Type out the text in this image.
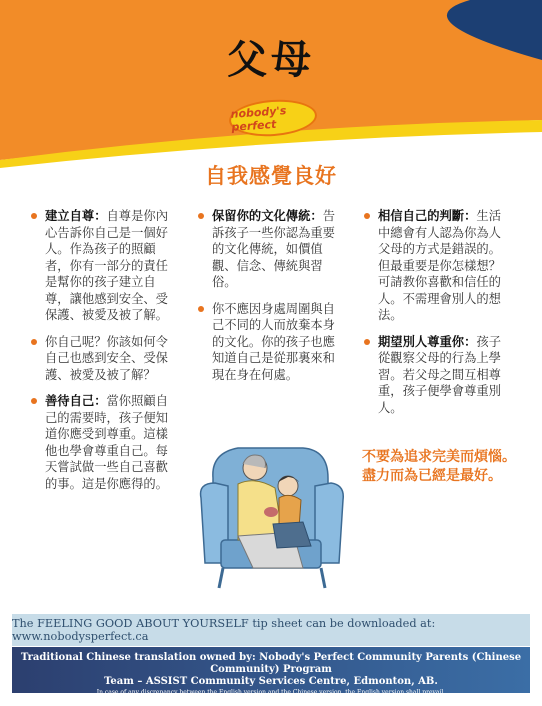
父母
nobody's perfect
自我感覺良好
建立自尊：自尊是你內心告訴你自己是一個好人。作為孩子的照顧者，你有一部分的責任是幫你的孩子建立自尊，讓他感到安全、受保護、被愛及被了解。
你自己呢？你該如何令自己也感到安全、受保護、被愛及被了解？
善待自己：當你照顧自己的需要時，孩子便知道你應受到尊重。這樣他也學會尊重自己。每天嘗試做一些自己喜歡的事。這是你應得的。
保留你的文化傳統：告訴孩子一些你認為重要的文化傳統，如價值觀、信念、傳統與習俗。
你不應因身處周圍與自己不同的人而放棄本身的文化。你的孩子也應知道自己是從那裏來和現在身在何處。
相信自己的判斷：生活中總會有人認為你為人父母的方式是錯誤的。但最重要是你怎樣想？可請教你喜歡和信任的人。不需理會別人的想法。
期望別人尊重你：孩子從觀察父母的行為上學習。若父母之間互相尊重，孩子便學會尊重別人。
不要為追求完美而煩惱。盡力而為已經是最好。
The FEELING GOOD ABOUT YOURSELF tip sheet can be downloaded at: www.nobodysperfect.ca
Traditional Chinese translation owned by: Nobody's Perfect Community Parents (Chinese Community) Program
Team – ASSIST Community Services Centre, Edmonton, AB.
In case of any discrepancy between the English version and the Chinese version, the English version shall prevail.
